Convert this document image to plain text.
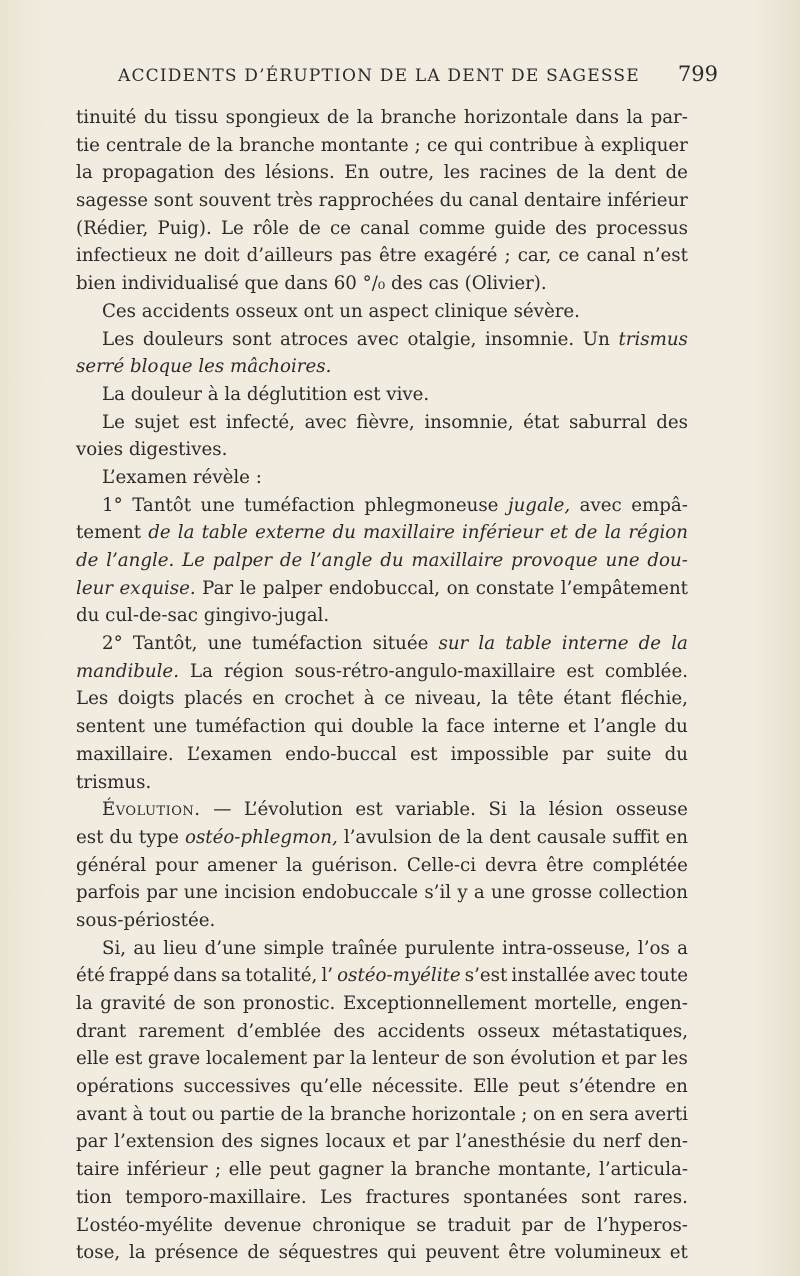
ACCIDENTS D’ÉRUPTION DE LA DENT DE SAGESSE 799
tinuité du tissu spongieux de la branche horizontale dans la par-
tie centrale de la branche montante ; ce qui contribue à expliquer
la propagation des lésions. En outre, les racines de la dent de
sagesse sont souvent très rapprochées du canal dentaire inférieur
(Rédier, Puig). Le rôle de ce canal comme guide des processus
infectieux ne doit d’ailleurs pas être exagéré ; car, ce canal n’est
bien individualisé que dans 60 °/₀ des cas (Olivier).
Ces accidents osseux ont un aspect clinique sévère.
Les douleurs sont atroces avec otalgie, insomnie. Un trismus
serré bloque les mâchoires.
La douleur à la déglutition est vive.
Le sujet est infecté, avec fièvre, insomnie, état saburral des
voies digestives.
L’examen révèle :
1° Tantôt une tuméfaction phlegmoneuse jugale, avec empâ-
tement de la table externe du maxillaire inférieur et de la région
de l’angle. Le palper de l’angle du maxillaire provoque une dou-
leur exquise. Par le palper endobuccal, on constate l’empâtement
du cul-de-sac gingivo-jugal.
2° Tantôt, une tuméfaction située sur la table interne de la
mandibule. La région sous-rétro-angulo-maxillaire est comblée.
Les doigts placés en crochet à ce niveau, la tête étant fléchie,
sentent une tuméfaction qui double la face interne et l’angle du
maxillaire. L’examen endo-buccal est impossible par suite du
trismus.
Évolution. — L’évolution est variable. Si la lésion osseuse
est du type ostéo-phlegmon, l’avulsion de la dent causale suffit en
général pour amener la guérison. Celle-ci devra être complétée
parfois par une incision endobuccale s’il y a une grosse collection
sous-périostée.
Si, au lieu d’une simple traînée purulente intra-osseuse, l’os a
été frappé dans sa totalité, l’ ostéo-myélite s’est installée avec toute
la gravité de son pronostic. Exceptionnellement mortelle, engen-
drant rarement d’emblée des accidents osseux métastatiques,
elle est grave localement par la lenteur de son évolution et par les
opérations successives qu’elle nécessite. Elle peut s’étendre en
avant à tout ou partie de la branche horizontale ; on en sera averti
par l’extension des signes locaux et par l’anesthésie du nerf den-
taire inférieur ; elle peut gagner la branche montante, l’articula-
tion temporo-maxillaire. Les fractures spontanées sont rares.
L’ostéo-myélite devenue chronique se traduit par de l’hyperos-
tose, la présence de séquestres qui peuvent être volumineux et
